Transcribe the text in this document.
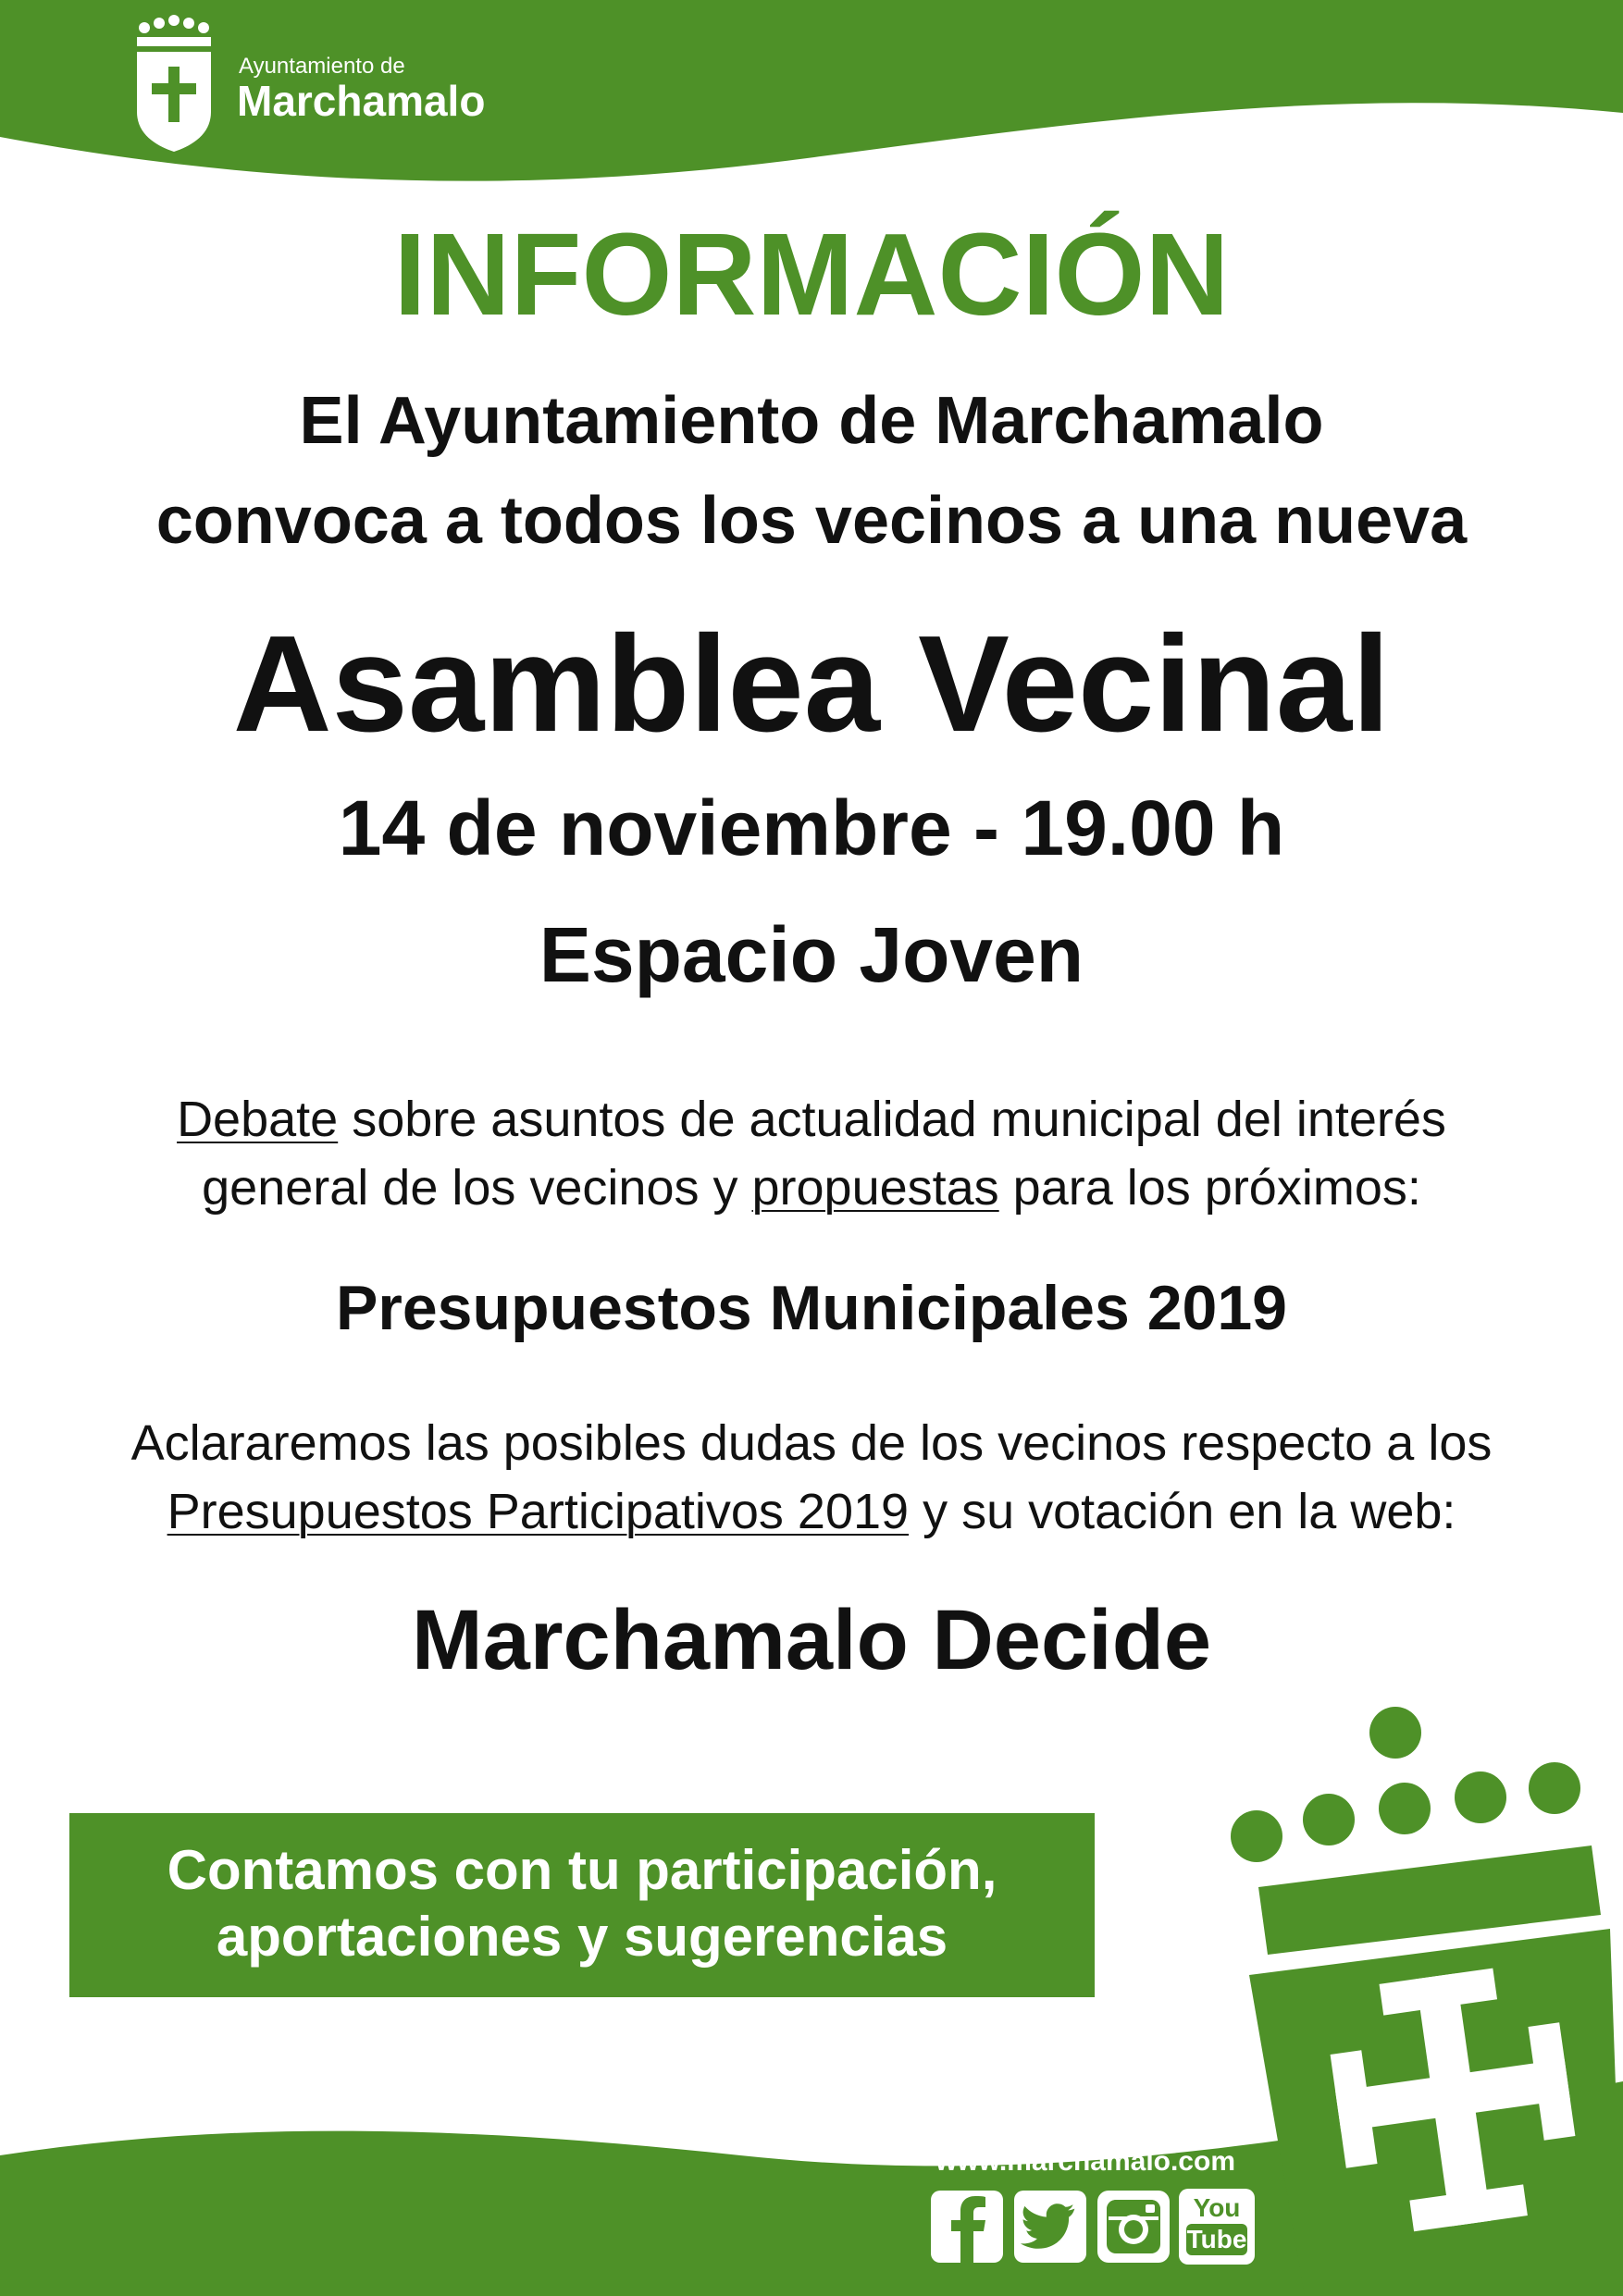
Ayuntamiento de
Marchamalo
INFORMACIÓN
El Ayuntamiento de Marchamalo
convoca a todos los vecinos a una nueva
Asamblea Vecinal
14 de noviembre - 19.00 h
Espacio Joven
Debate sobre asuntos de actualidad municipal del interés
general de los vecinos y propuestas para los próximos:
Presupuestos Municipales 2019
Aclararemos las posibles dudas de los vecinos respecto a los
Presupuestos Participativos 2019 y su votación en la web:
Marchamalo Decide
Contamos con tu participación,
aportaciones y sugerencias
www.marchamalo.com
You
Tube
